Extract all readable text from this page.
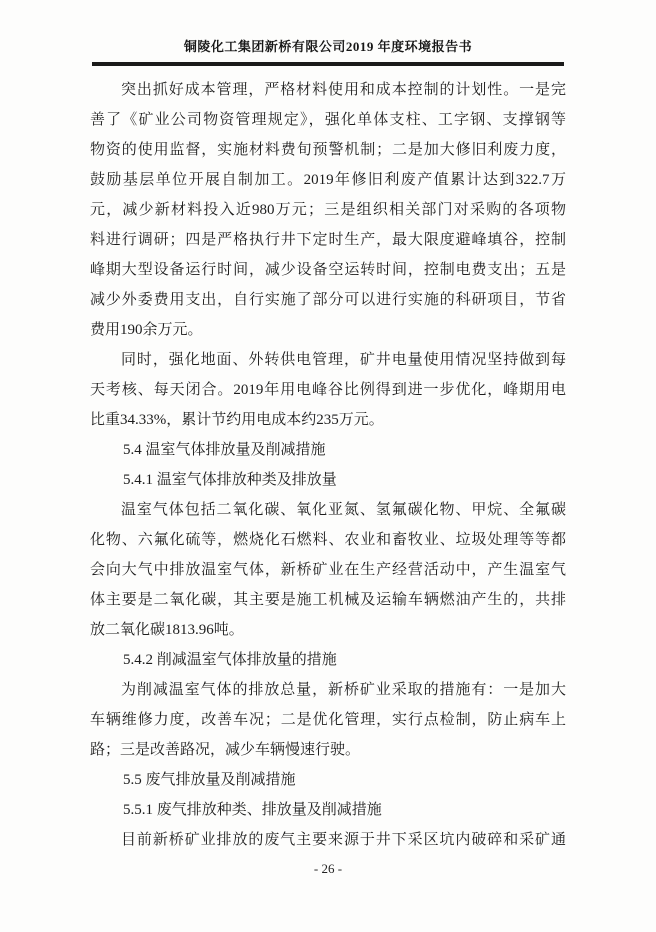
铜陵化工集团新桥有限公司2019 年度环境报告书
突出抓好成本管理，严格材料使用和成本控制的计划性。一是完
善了《矿业公司物资管理规定》，强化单体支柱、工字钢、支撑钢等
物资的使用监督，实施材料费旬预警机制；二是加大修旧利废力度，
鼓励基层单位开展自制加工。2019年修旧利废产值累计达到322.7万
元，减少新材料投入近980万元；三是组织相关部门对采购的各项物
料进行调研；四是严格执行井下定时生产，最大限度避峰填谷，控制
峰期大型设备运行时间，减少设备空运转时间，控制电费支出；五是
减少外委费用支出，自行实施了部分可以进行实施的科研项目，节省
费用190余万元。
同时，强化地面、外转供电管理，矿井电量使用情况坚持做到每
天考核、每天闭合。2019年用电峰谷比例得到进一步优化，峰期用电
比重34.33%，累计节约用电成本约235万元。
5.4 温室气体排放量及削减措施
5.4.1 温室气体排放种类及排放量
温室气体包括二氧化碳、氧化亚氮、氢氟碳化物、甲烷、全氟碳
化物、六氟化硫等，燃烧化石燃料、农业和畜牧业、垃圾处理等等都
会向大气中排放温室气体，新桥矿业在生产经营活动中，产生温室气
体主要是二氧化碳，其主要是施工机械及运输车辆燃油产生的，共排
放二氧化碳1813.96吨。
5.4.2 削减温室气体排放量的措施
为削减温室气体的排放总量，新桥矿业采取的措施有：一是加大
车辆维修力度，改善车况；二是优化管理，实行点检制，防止病车上
路；三是改善路况，减少车辆慢速行驶。
5.5 废气排放量及削减措施
5.5.1 废气排放种类、排放量及削减措施
目前新桥矿业排放的废气主要来源于井下采区坑内破碎和采矿通
- 26 -
